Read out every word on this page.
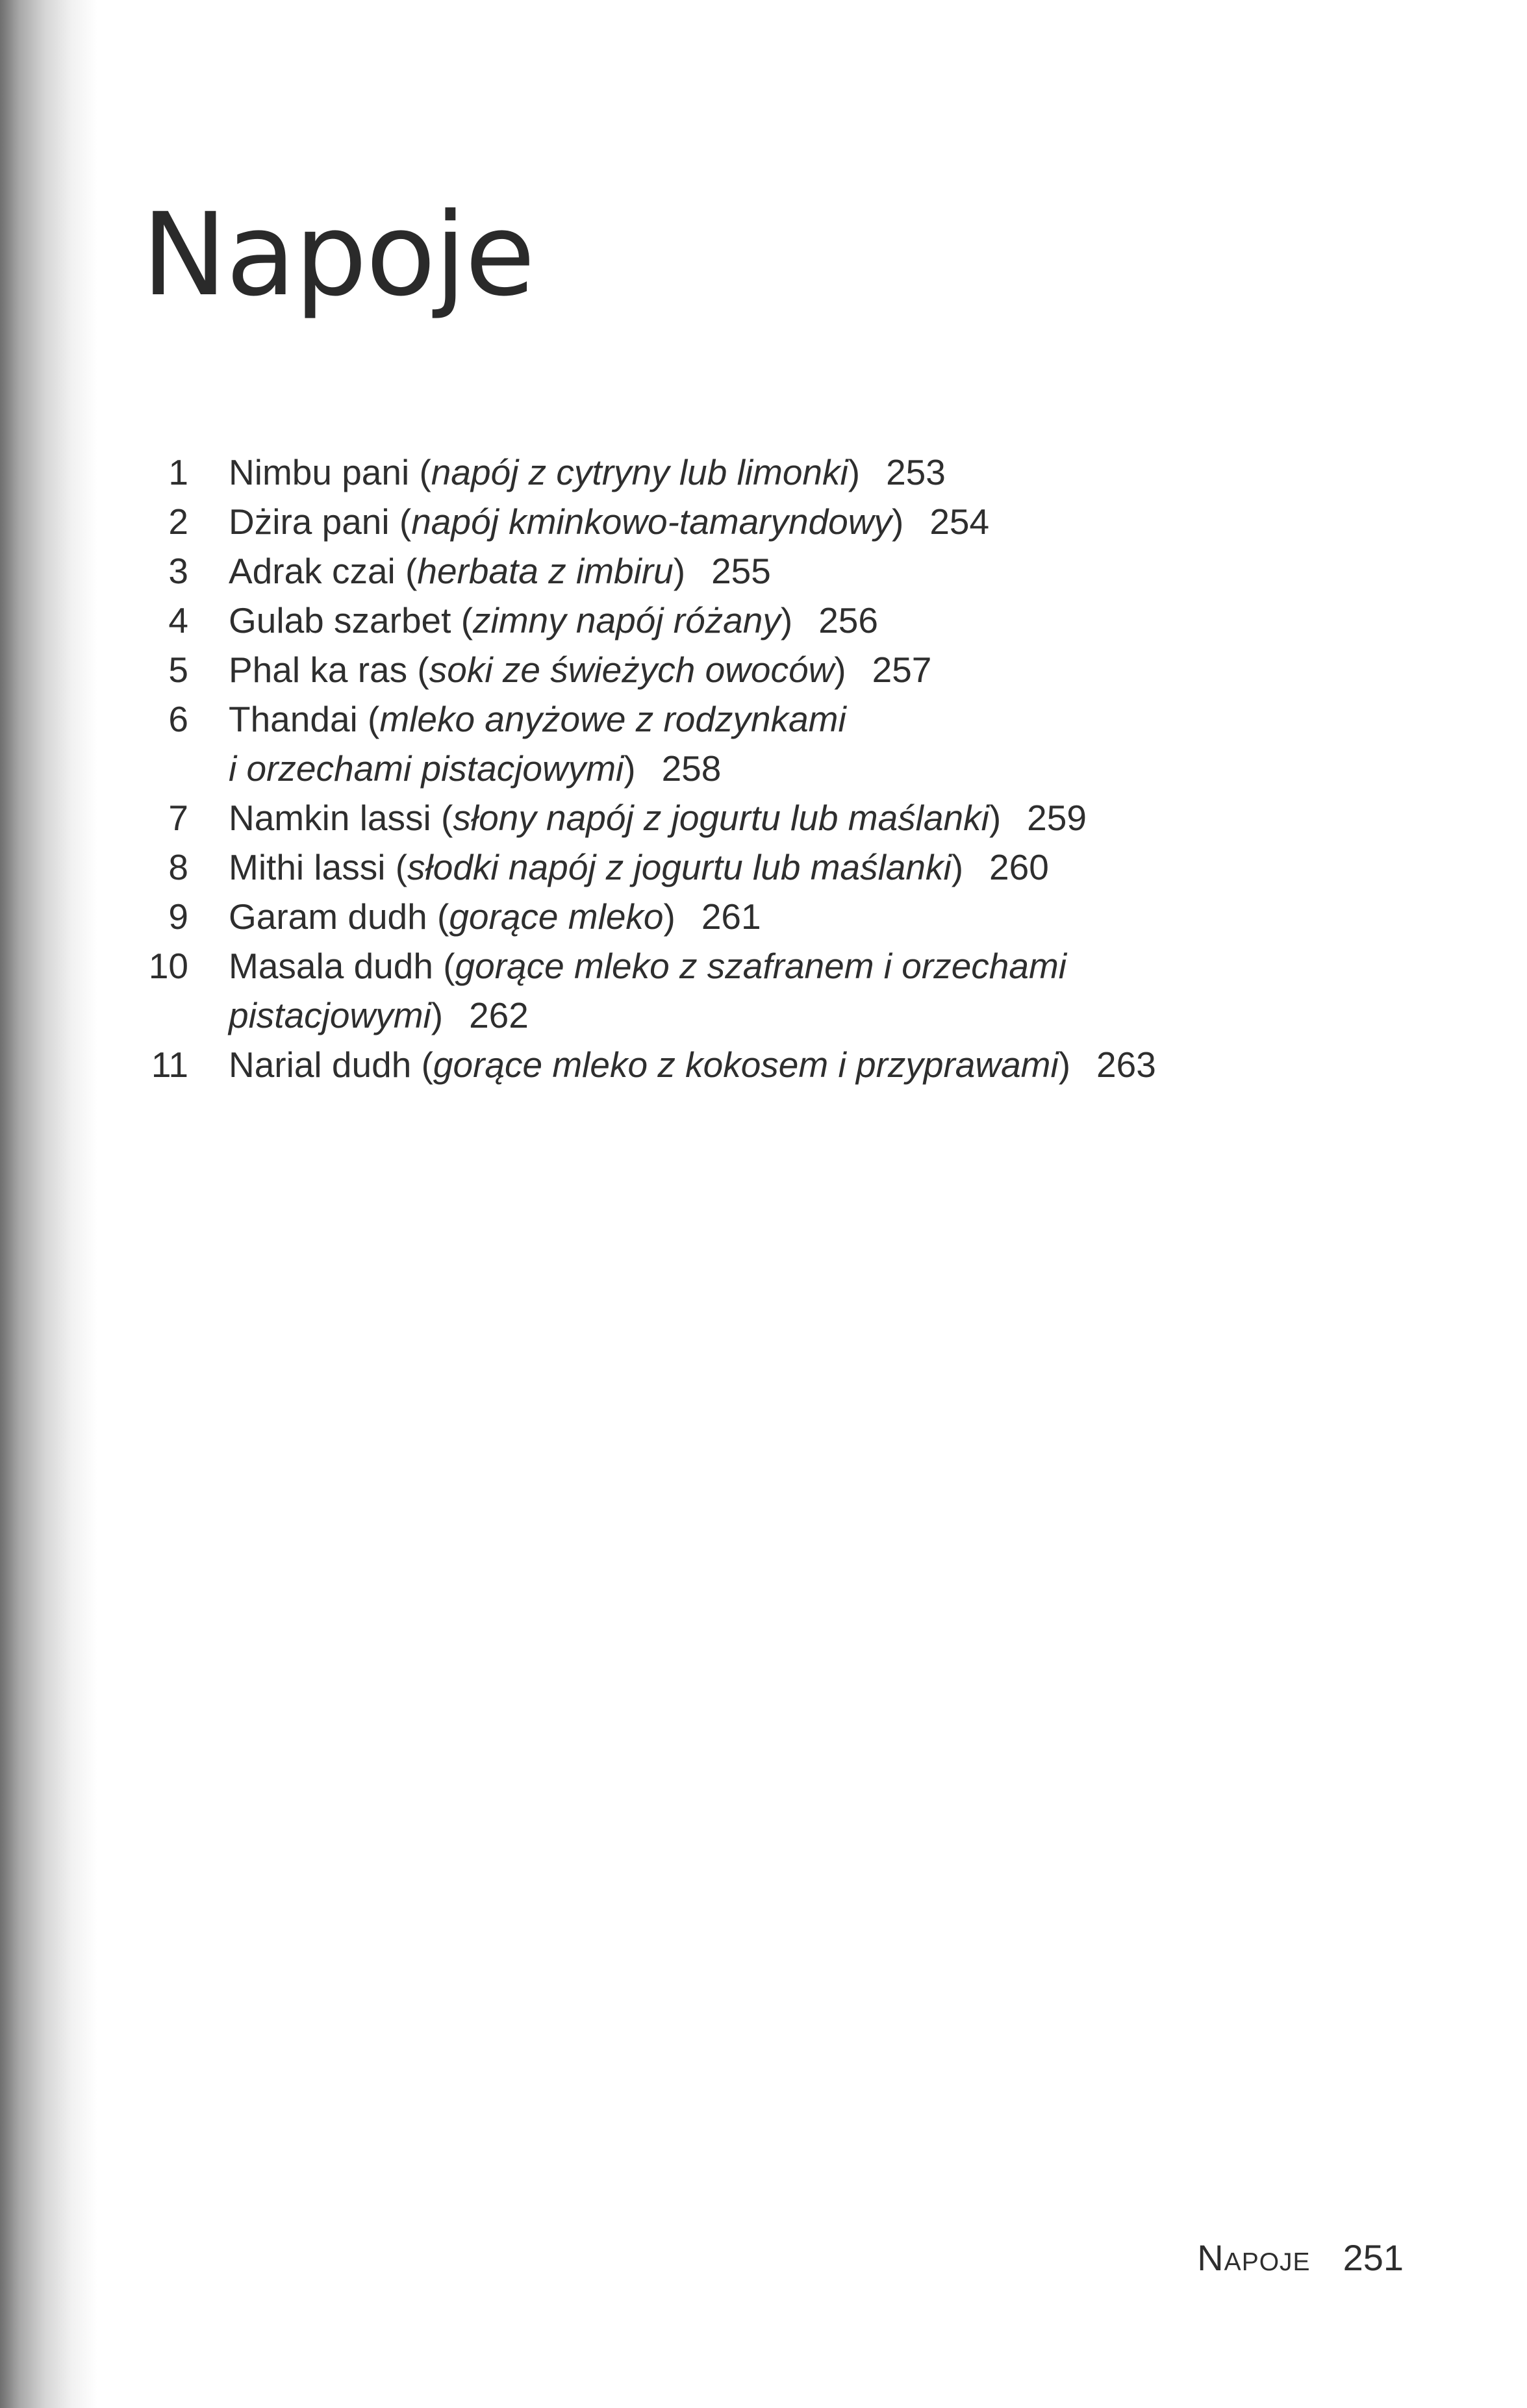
Napoje
1 Nimbu pani (napój z cytryny lub limonki) 253
2 Dżira pani (napój kminkowo-tamaryndowy) 254
3 Adrak czai (herbata z imbiru) 255
4 Gulab szarbet (zimny napój różany) 256
5 Phal ka ras (soki ze świeżych owoców) 257
6 Thandai (mleko anyżowe z rodzynkami
i orzechami pistacjowymi) 258
7 Namkin lassi (słony napój z jogurtu lub maślanki) 259
8 Mithi lassi (słodki napój z jogurtu lub maślanki) 260
9 Garam dudh (gorące mleko) 261
10 Masala dudh (gorące mleko z szafranem i orzechami
pistacjowymi) 262
11 Narial dudh (gorące mleko z kokosem i przyprawami) 263
Napoje 251
